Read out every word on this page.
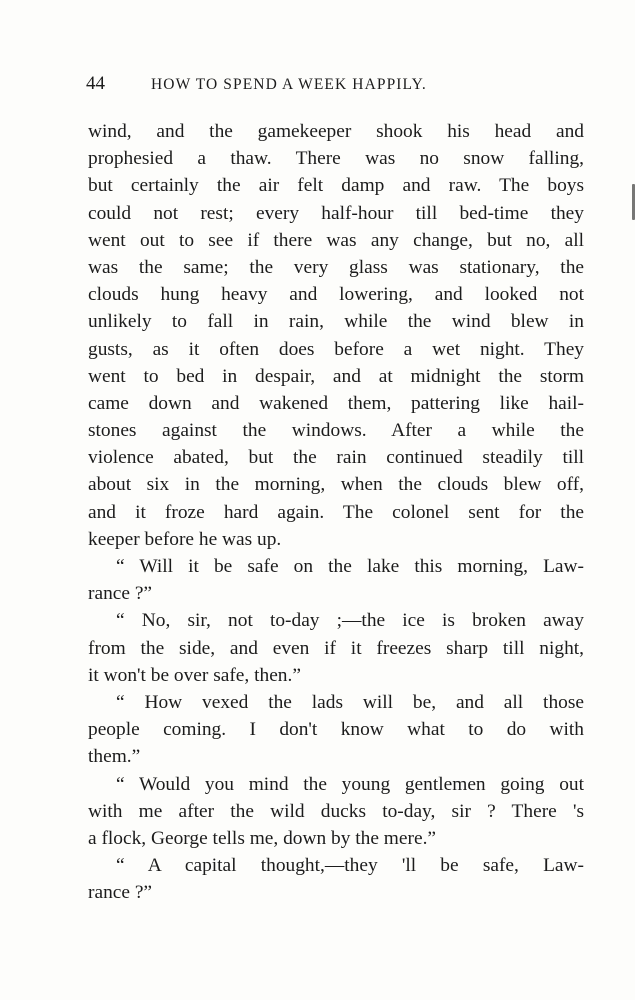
44	HOW TO SPEND A WEEK HAPPILY.
wind, and the gamekeeper shook his head and
prophesied a thaw. There was no snow falling,
but certainly the air felt damp and raw. The boys
could not rest; every half-hour till bed-time they
went out to see if there was any change, but no, all
was the same; the very glass was stationary, the
clouds hung heavy and lowering, and looked not
unlikely to fall in rain, while the wind blew in
gusts, as it often does before a wet night. They
went to bed in despair, and at midnight the storm
came down and wakened them, pattering like hail-
stones against the windows. After a while the
violence abated, but the rain continued steadily till
about six in the morning, when the clouds blew off,
and it froze hard again. The colonel sent for the
keeper before he was up.
“ Will it be safe on the lake this morning, Law-
rance ?”
“ No, sir, not to-day ;—the ice is broken away
from the side, and even if it freezes sharp till night,
it won't be over safe, then.”
“ How vexed the lads will be, and all those
people coming. I don't know what to do with
them.”
“ Would you mind the young gentlemen going out
with me after the wild ducks to-day, sir ? There 's
a flock, George tells me, down by the mere.”
“ A capital thought,—they 'll be safe, Law-
rance ?”
